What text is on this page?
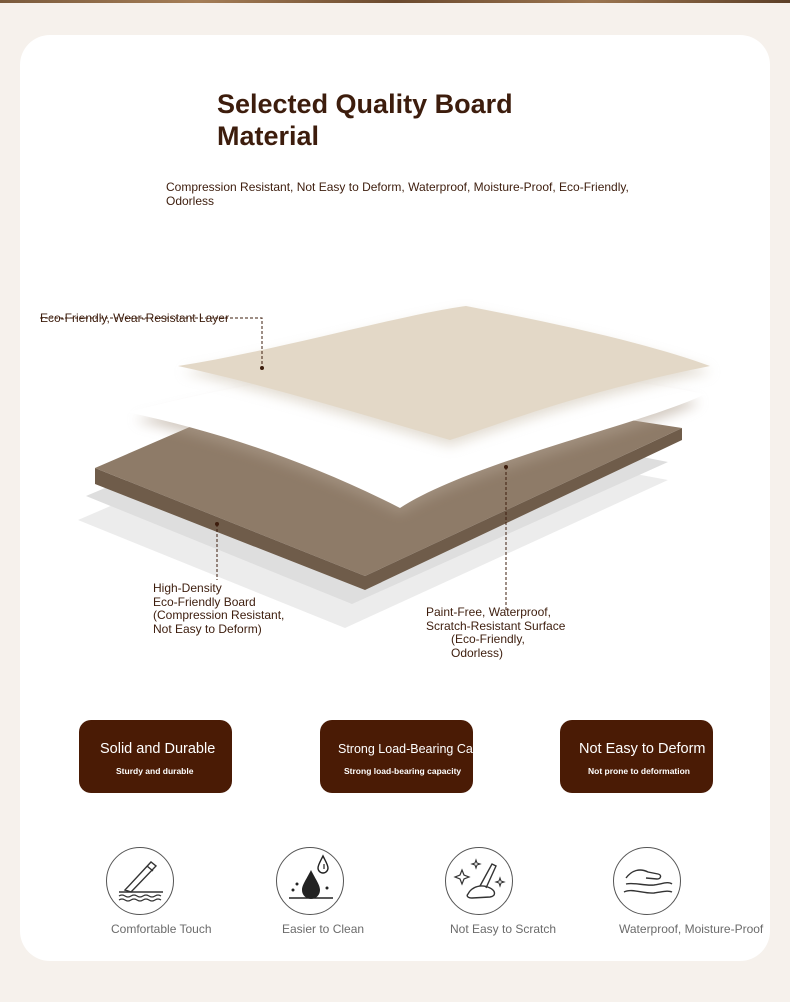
Selected Quality Board Material
Compression Resistant, Not Easy to Deform, Waterproof, Moisture-Proof, Eco-Friendly, Odorless
Eco-Friendly, Wear-Resistant Layer
High-Density
Eco-Friendly Board
(Compression Resistant,
Not Easy to Deform)
Paint-Free, Waterproof,
Scratch-Resistant Surface
(Eco-Friendly,
Odorless)
Solid and Durable
Sturdy and durable
Strong Load-Bearing Capacity
Strong load-bearing capacity
Not Easy to Deform
Not prone to deformation
Comfortable Touch	Easier to Clean	Not Easy to Scratch	Waterproof, Moisture-Proof
